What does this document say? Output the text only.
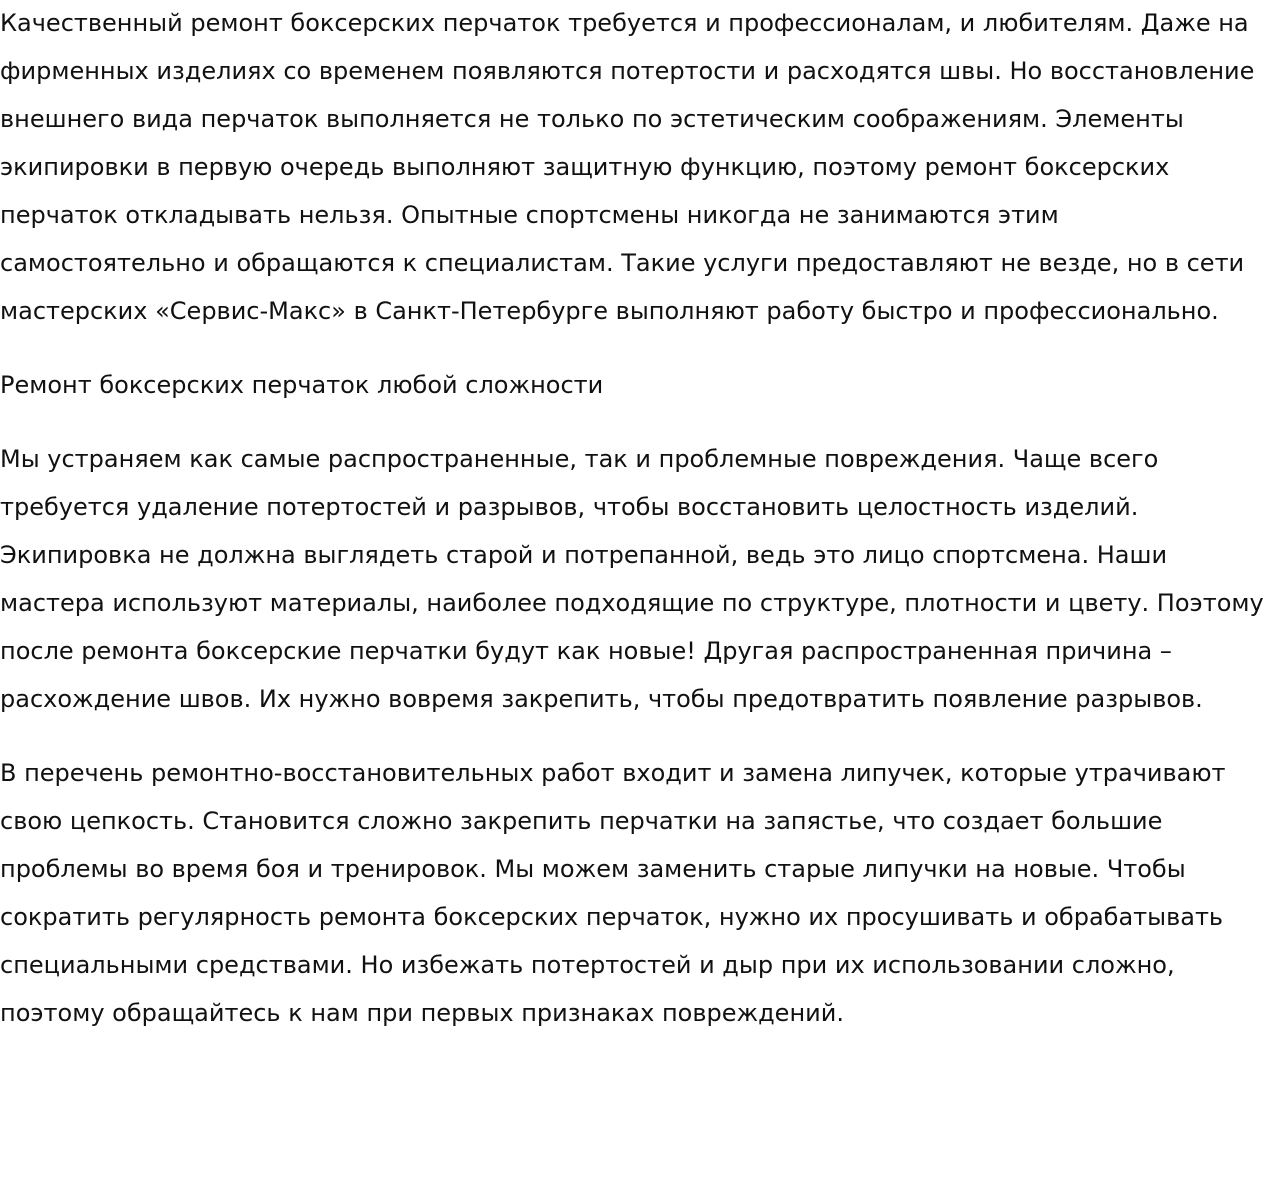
Качественный ремонт боксерских перчаток требуется и профессионалам, и любителям. Даже на фирменных изделиях со временем появляются потертости и расходятся швы. Но восстановление внешнего вида перчаток выполняется не только по эстетическим соображениям. Элементы экипировки в первую очередь выполняют защитную функцию, поэтому ремонт боксерских перчаток откладывать нельзя. Опытные спортсмены никогда не занимаются этим самостоятельно и обращаются к специалистам. Такие услуги предоставляют не везде, но в сети мастерских «Сервис-Макс» в Санкт-Петербурге выполняют работу быстро и профессионально.

Ремонт боксерских перчаток любой сложности

Мы устраняем как самые распространенные, так и проблемные повреждения. Чаще всего требуется удаление потертостей и разрывов, чтобы восстановить целостность изделий. Экипировка не должна выглядеть старой и потрепанной, ведь это лицо спортсмена. Наши мастера используют материалы, наиболее подходящие по структуре, плотности и цвету. Поэтому после ремонта боксерские перчатки будут как новые! Другая распространенная причина – расхождение швов. Их нужно вовремя закрепить, чтобы предотвратить появление разрывов.

В перечень ремонтно-восстановительных работ входит и замена липучек, которые утрачивают свою цепкость. Становится сложно закрепить перчатки на запястье, что создает большие проблемы во время боя и тренировок. Мы можем заменить старые липучки на новые. Чтобы сократить регулярность ремонта боксерских перчаток, нужно их просушивать и обрабатывать специальными средствами. Но избежать потертостей и дыр при их использовании сложно, поэтому обращайтесь к нам при первых признаках повреждений.
